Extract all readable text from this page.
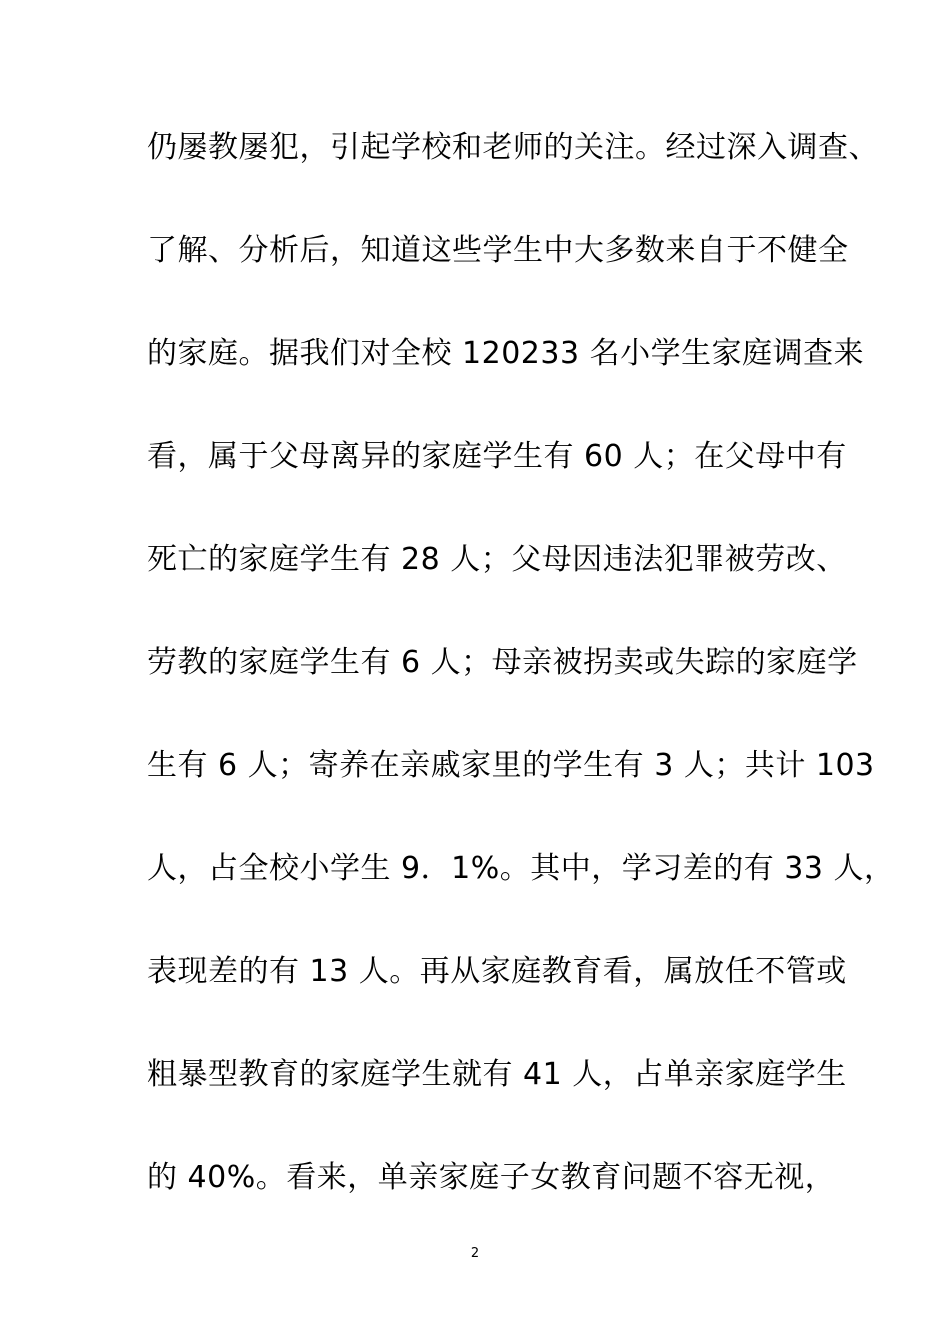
仍屡教屡犯，引起学校和老师的关注。经过深入调查、

了解、分析后，知道这些学生中大多数来自于不健全

的家庭。据我们对全校 120233 名小学生家庭调查来

看，属于父母离异的家庭学生有 60 人；在父母中有

死亡的家庭学生有 28 人；父母因违法犯罪被劳改、

劳教的家庭学生有 6 人；母亲被拐卖或失踪的家庭学

生有 6 人；寄养在亲戚家里的学生有 3 人；共计 103

人，占全校小学生 9．1%。其中，学习差的有 33 人，

表现差的有 13 人。再从家庭教育看，属放任不管或

粗暴型教育的家庭学生就有 41 人，占单亲家庭学生

的 40%。看来，单亲家庭子女教育问题不容无视，

2
